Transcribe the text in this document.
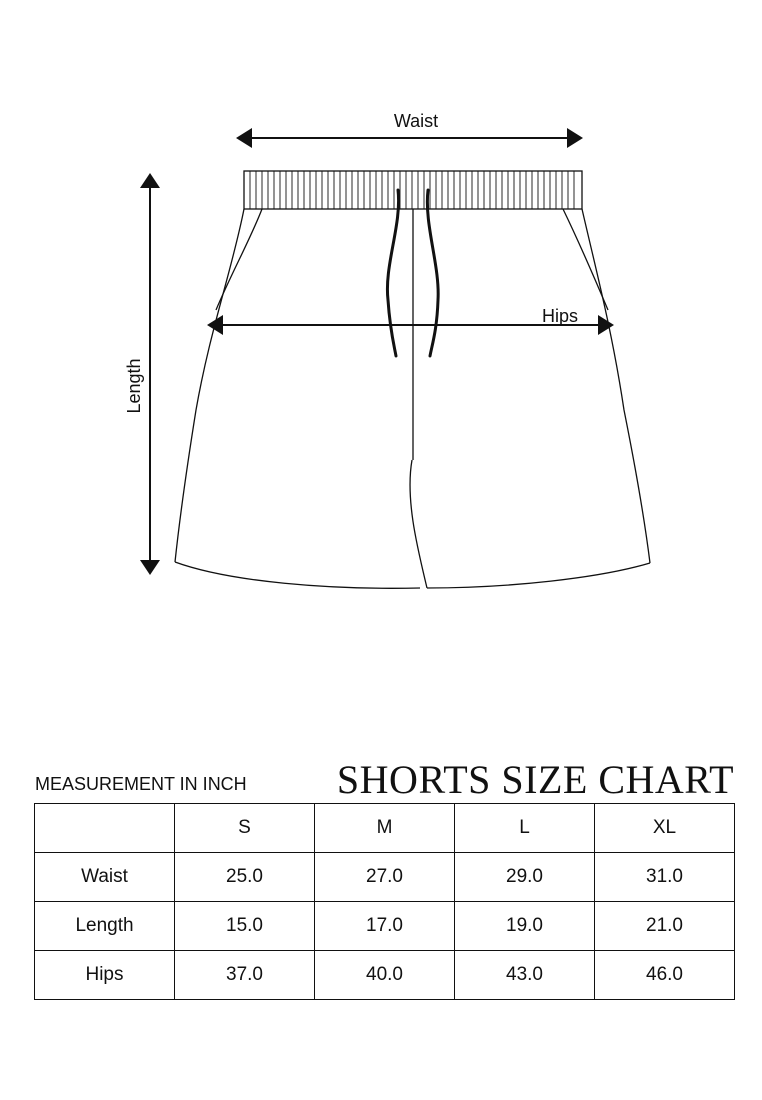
Waist
Length
Hips
MEASUREMENT IN INCH SHORTS SIZE CHART
	S	M	L	XL
Waist	25.0	27.0	29.0	31.0
Length	15.0	17.0	19.0	21.0
Hips	37.0	40.0	43.0	46.0
